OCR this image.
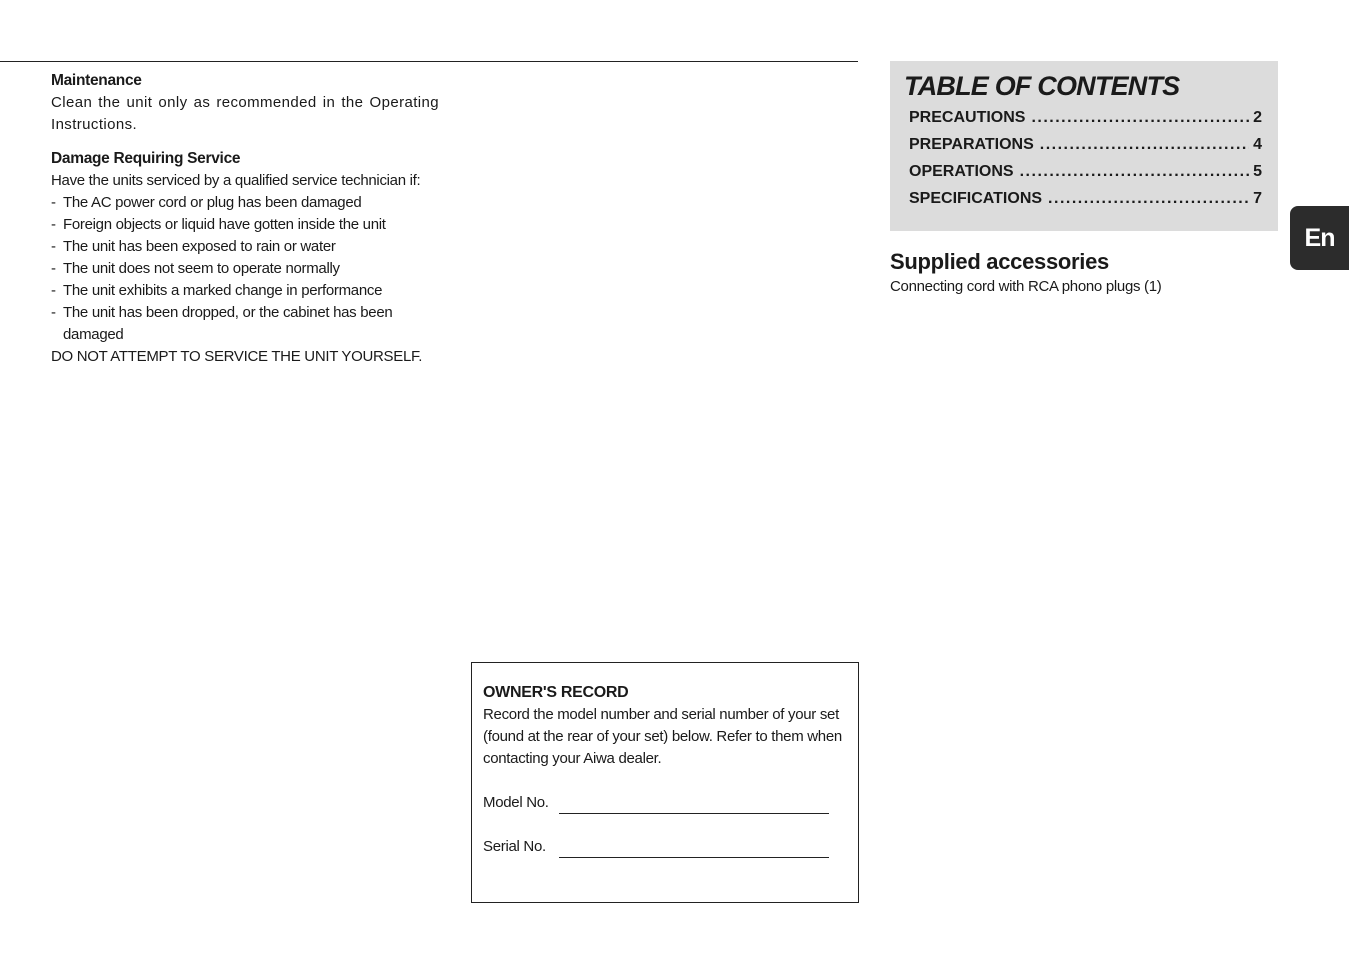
Maintenance

Clean the unit only as recommended in the Operating Instructions.

Damage Requiring Service

Have the units serviced by a qualified service technician if:

- The AC power cord or plug has been damaged
- Foreign objects or liquid have gotten inside the unit
- The unit has been exposed to rain or water
- The unit does not seem to operate normally
- The unit exhibits a marked change in performance
- The unit has been dropped, or the cabinet has been damaged

DO NOT ATTEMPT TO SERVICE THE UNIT YOURSELF.

TABLE OF CONTENTS
PRECAUTIONS .....	2
PREPARATIONS .....	4
OPERATIONS .....	5
SPECIFICATIONS .....	7
Supplied accessories

Connecting cord with RCA phono plugs (1)

En
OWNER'S RECORD

Record the model number and serial number of your set (found at the rear of your set) below. Refer to them when contacting your Aiwa dealer.

Model No.
Serial No.
